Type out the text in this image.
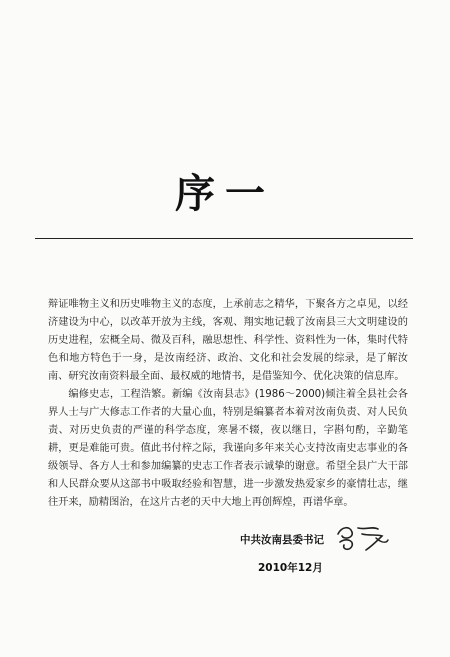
序一

辩证唯物主义和历史唯物主义的态度，上承前志之精华，下聚各方之卓见，以经济建设为中心，以改革开放为主线，客观、翔实地记载了汝南县三大文明建设的历史进程，宏概全局、微及百科，融思想性、科学性、资料性为一体，集时代特色和地方特色于一身，是汝南经济、政治、文化和社会发展的综录，是了解汝南、研究汝南资料最全面、最权威的地情书，是借鉴知今、优化决策的信息库。

编修史志，工程浩繁。新编《汝南县志》(1986～2000)倾注着全县社会各界人士与广大修志工作者的大量心血，特别是编纂者本着对汝南负责、对人民负责、对历史负责的严谨的科学态度，寒暑不辍，夜以继日，字斟句酌，辛勤笔耕，更是难能可贵。值此书付梓之际，我谨向多年来关心支持汝南史志事业的各级领导、各方人士和参加编纂的史志工作者表示诚挚的谢意。希望全县广大干部和人民群众要从这部书中吸取经验和智慧，进一步激发热爱家乡的豪情壮志，继往开来，励精图治，在这片古老的天中大地上再创辉煌，再谱华章。

中共汝南县委书记
2010年12月
